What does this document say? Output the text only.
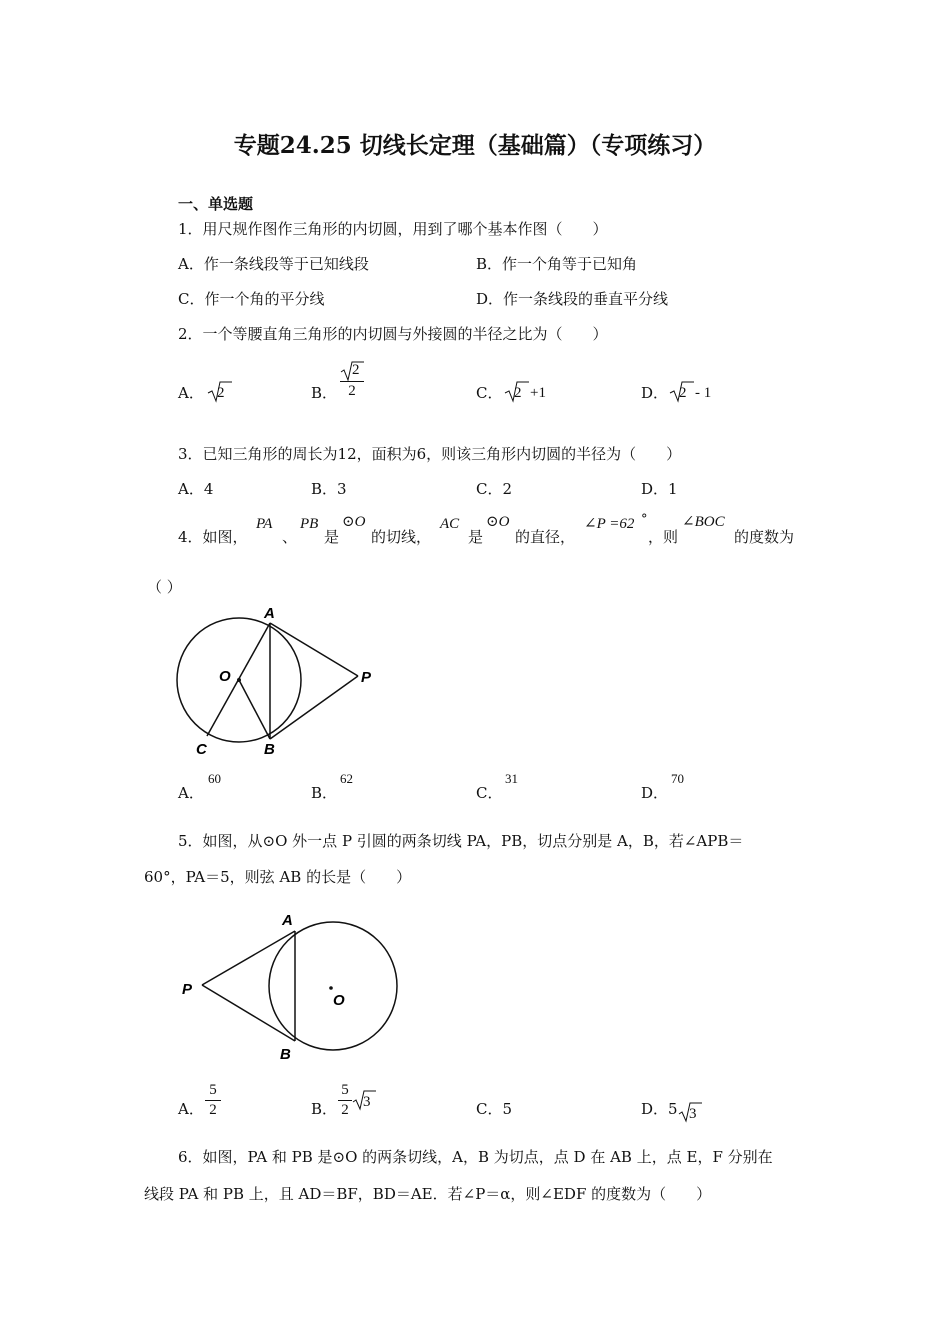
专题24.25 切线长定理（基础篇）（专项练习）
一、单选题
1．用尺规作图作三角形的内切圆，用到了哪个基本作图（　　）
A．作一条线段等于已知线段	B．作一个角等于已知角
C．作一个角的平分线	D．作一条线段的垂直平分线
2．一个等腰直角三角形的内切圆与外接圆的半径之比为（　　）
A． 2	B．
2
2	C． 2 +1	D． 2 - 1
3．已知三角形的周长为12，面积为6，则该三角形内切圆的半径为（　　）
A．4	B．3	C．2	D．1
4．如图，
PA
、
PB
是
⊙O
的切线，
AC
是
⊙O
的直径，
∠P =62 °
，则
∠BOC
的度数为
（ ）
A
B
C
O	P
A．
60
B．
62
C．
31
D．
70
5．如图，从⊙O 外一点 P 引圆的两条切线 PA，PB，切点分别是 A，B，若∠APB＝
60°，PA＝5，则弦 AB 的长是（　　）
A
B
O
P
A．
5
2	B．
5
2 3	C．5	D．5 3
6．如图，PA 和 PB 是⊙O 的两条切线，A，B 为切点，点 D 在 AB 上，点 E，F 分别在
线段 PA 和 PB 上，且 AD＝BF，BD＝AE．若∠P＝α，则∠EDF 的度数为（　　）
